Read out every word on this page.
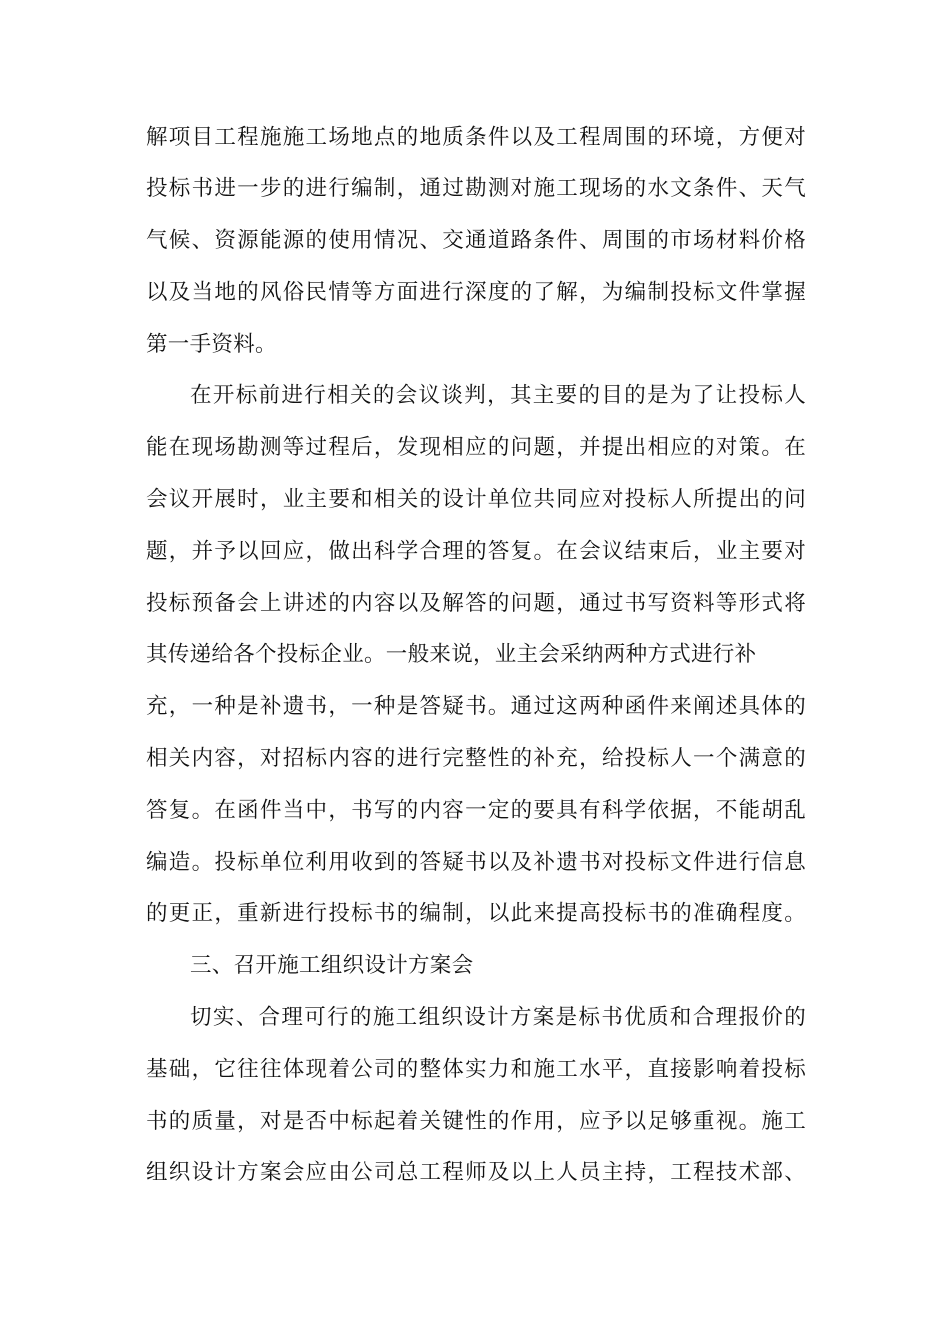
解项目工程施施工场地点的地质条件以及工程周围的环境，方便对
投标书进一步的进行编制，通过勘测对施工现场的水文条件、天气
气候、资源能源的使用情况、交通道路条件、周围的市场材料价格
以及当地的风俗民情等方面进行深度的了解，为编制投标文件掌握
第一手资料。
在开标前进行相关的会议谈判，其主要的目的是为了让投标人
能在现场勘测等过程后，发现相应的问题，并提出相应的对策。在
会议开展时，业主要和相关的设计单位共同应对投标人所提出的问
题，并予以回应，做出科学合理的答复。在会议结束后，业主要对
投标预备会上讲述的内容以及解答的问题，通过书写资料等形式将
其传递给各个投标企业。一般来说，业主会采纳两种方式进行补
充，一种是补遗书，一种是答疑书。通过这两种函件来阐述具体的
相关内容，对招标内容的进行完整性的补充，给投标人一个满意的
答复。在函件当中，书写的内容一定的要具有科学依据，不能胡乱
编造。投标单位利用收到的答疑书以及补遗书对投标文件进行信息
的更正，重新进行投标书的编制，以此来提高投标书的准确程度。
三、召开施工组织设计方案会
切实、合理可行的施工组织设计方案是标书优质和合理报价的
基础，它往往体现着公司的整体实力和施工水平，直接影响着投标
书的质量，对是否中标起着关键性的作用，应予以足够重视。施工
组织设计方案会应由公司总工程师及以上人员主持，工程技术部、
